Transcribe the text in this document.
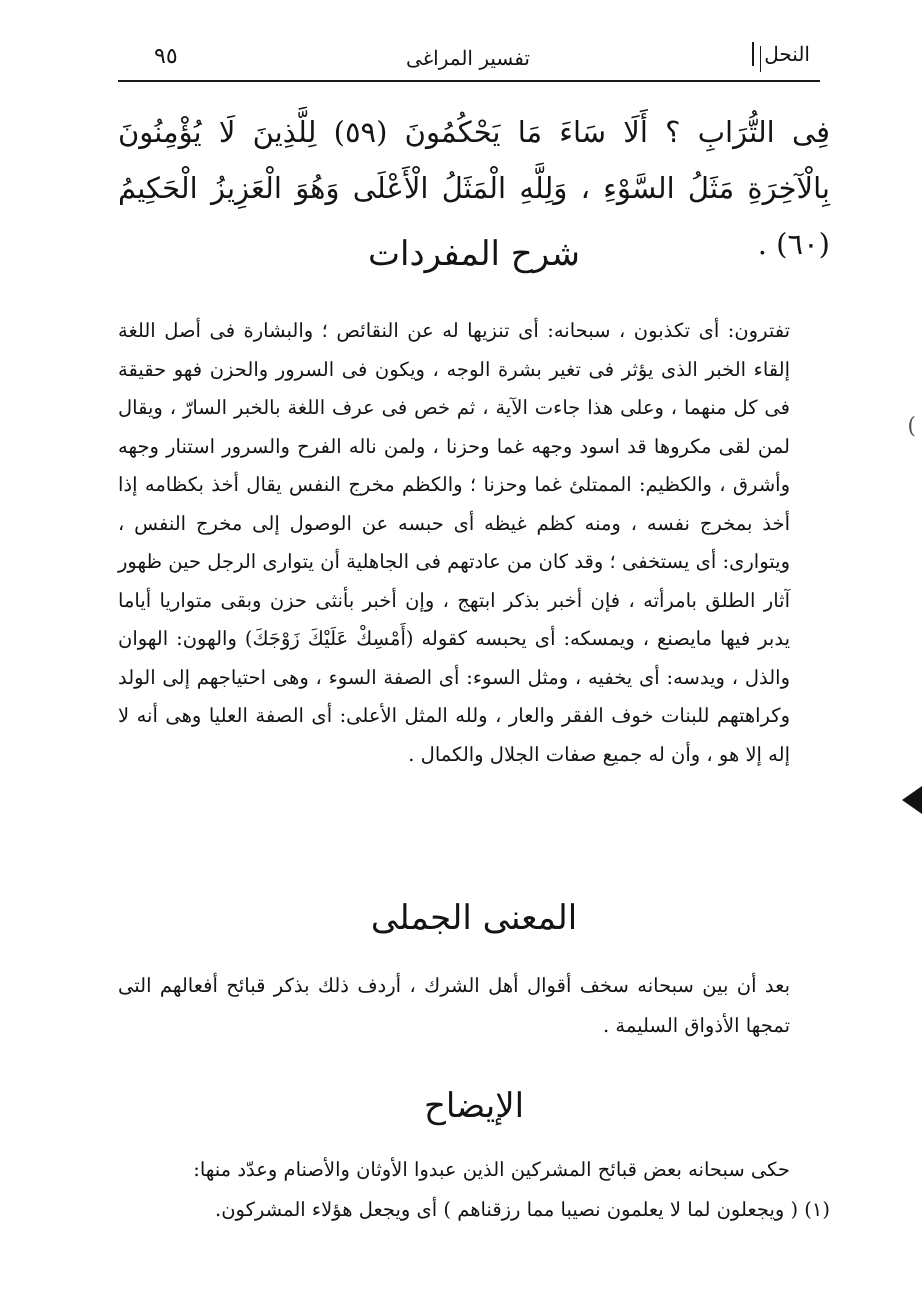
٩٥	تفسير المراغى	النحل
فِى التُّرَابِ ؟ أَلَا سَاءَ مَا يَحْكُمُونَ (٥٩) لِلَّذِينَ لَا يُؤْمِنُونَ بِالْآخِرَةِ مَثَلُ السَّوْءِ ، وَلِلَّهِ الْمَثَلُ الْأَعْلَى وَهُوَ الْعَزِيزُ الْحَكِيمُ (٦٠) .
شرح المفردات

تفترون: أى تكذبون ، سبحانه: أى تنزيها له عن النقائص ؛ والبشارة فى أصل اللغة إلقاء الخبر الذى يؤثر فى تغير بشرة الوجه ، ويكون فى السرور والحزن فهو حقيقة فى كل منهما ، وعلى هذا جاءت الآية ، ثم خص فى عرف اللغة بالخبر السارّ ، ويقال لمن لقى مكروها قد اسود وجهه غما وحزنا ، ولمن ناله الفرح والسرور استنار وجهه وأشرق ، والكظيم: الممتلئ غما وحزنا ؛ والكظم مخرج النفس يقال أخذ بكظامه إذا أخذ بمخرج نفسه ، ومنه كظم غيظه أى حبسه عن الوصول إلى مخرج النفس ، ويتوارى: أى يستخفى ؛ وقد كان من عادتهم فى الجاهلية أن يتوارى الرجل حين ظهور آثار الطلق بامرأته ، فإن أخبر بذكر ابتهج ، وإن أخبر بأنثى حزن وبقى متواريا أياما يدبر فيها مايصنع ، ويمسكه: أى يحبسه كقوله (أَمْسِكْ عَلَيْكَ زَوْجَكَ) والهون: الهوان والذل ، ويدسه: أى يخفيه ، ومثل السوء: أى الصفة السوء ، وهى احتياجهم إلى الولد وكراهتهم للبنات خوف الفقر والعار ، ولله المثل الأعلى: أى الصفة العليا وهى أنه لا إله إلا هو ، وأن له جميع صفات الجلال والكمال .

المعنى الجملى

بعد أن بين سبحانه سخف أقوال أهل الشرك ، أردف ذلك بذكر قبائح أفعالهم التى تمجها الأذواق السليمة .

الإيضاح

حكى سبحانه بعض قبائح المشركين الذين عبدوا الأوثان والأصنام وعدّد منها:

(١) ( ويجعلون لما لا يعلمون نصيبا مما رزقناهم ) أى ويجعل هؤلاء المشركون.

(
